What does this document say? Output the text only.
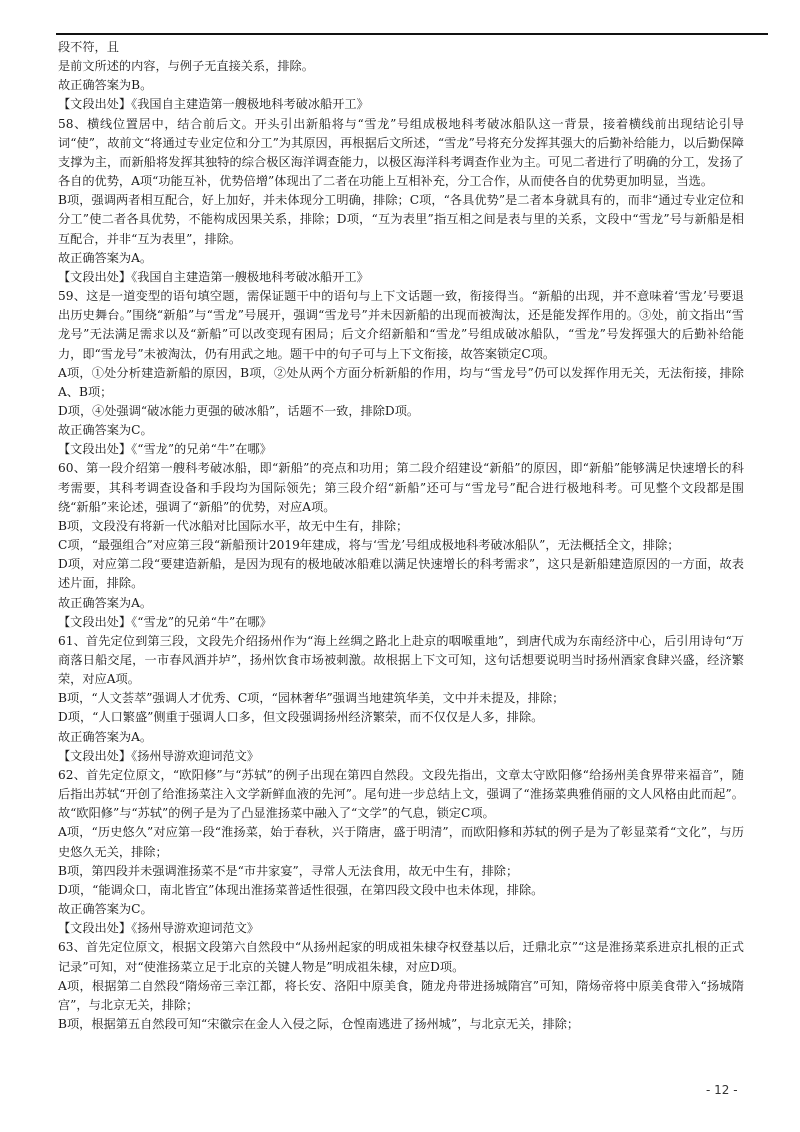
段不符，且

是前文所述的内容，与例子无直接关系，排除。

故正确答案为B。

【文段出处】《我国自主建造第一艘极地科考破冰船开工》

58、横线位置居中，结合前后文。开头引出新船将与“雪龙”号组成极地科考破冰船队这一背景，接着横线前出现结论引导词“使”，故前文“将通过专业定位和分工”为其原因，再根据后文所述，“雪龙”号将充分发挥其强大的后勤补给能力，以后勤保障支撑为主，而新船将发挥其独特的综合极区海洋调查能力，以极区海洋科考调查作业为主。可见二者进行了明确的分工，发扬了各自的优势，A项“功能互补，优势倍增”体现出了二者在功能上互相补充，分工合作，从而使各自的优势更加明显，当选。

B项，强调两者相互配合，好上加好，并未体现分工明确，排除；C项，“各具优势”是二者本身就具有的，而非“通过专业定位和分工”使二者各具优势，不能构成因果关系，排除；D项，“互为表里”指互相之间是表与里的关系，文段中“雪龙”号与新船是相互配合，并非“互为表里”，排除。

故正确答案为A。

【文段出处】《我国自主建造第一艘极地科考破冰船开工》

59、这是一道变型的语句填空题，需保证题干中的语句与上下文话题一致，衔接得当。“新船的出现，并不意味着‘雪龙’号要退出历史舞台。”围绕“新船”与“雪龙”号展开，强调“雪龙号”并未因新船的出现而被淘汰，还是能发挥作用的。③处，前文指出“雪龙号”无法满足需求以及“新船”可以改变现有困局；后文介绍新船和“雪龙”号组成破冰船队，“雪龙”号发挥强大的后勤补给能力，即“雪龙号”未被淘汰，仍有用武之地。题干中的句子可与上下文衔接，故答案锁定C项。

A项，①处分析建造新船的原因，B项，②处从两个方面分析新船的作用，均与“雪龙号”仍可以发挥作用无关，无法衔接，排除A、B项；

D项，④处强调“破冰能力更强的破冰船”，话题不一致，排除D项。

故正确答案为C。

【文段出处】《“雪龙”的兄弟“牛”在哪》

60、第一段介绍第一艘科考破冰船，即“新船”的亮点和功用；第二段介绍建设“新船”的原因，即“新船”能够满足快速增长的科考需要，其科考调查设备和手段均为国际领先；第三段介绍“新船”还可与“雪龙号”配合进行极地科考。可见整个文段都是围绕“新船”来论述，强调了“新船”的优势，对应A项。

B项，文段没有将新一代冰船对比国际水平，故无中生有，排除；

C项，“最强组合”对应第三段“新船预计2019年建成，将与‘雪龙’号组成极地科考破冰船队”，无法概括全文，排除；

D项，对应第二段“要建造新船，是因为现有的极地破冰船难以满足快速增长的科考需求”，这只是新船建造原因的一方面，故表述片面，排除。

故正确答案为A。

【文段出处】《“雪龙”的兄弟“牛”在哪》

61、首先定位到第三段，文段先介绍扬州作为“海上丝绸之路北上赴京的咽喉重地”，到唐代成为东南经济中心，后引用诗句“万商落日船交尾，一市春风酒并垆”，扬州饮食市场被刺激。故根据上下文可知，这句话想要说明当时扬州酒家食肆兴盛，经济繁荣，对应A项。

B项，“人文荟萃”强调人才优秀、C项，“园林奢华”强调当地建筑华美，文中并未提及，排除；

D项，“人口繁盛”侧重于强调人口多，但文段强调扬州经济繁荣，而不仅仅是人多，排除。

故正确答案为A。

【文段出处】《扬州导游欢迎词范文》

62、首先定位原文，“欧阳修”与“苏轼”的例子出现在第四自然段。文段先指出，文章太守欧阳修“给扬州美食界带来福音”，随后指出苏轼“开创了给淮扬菜注入文学新鲜血液的先河”。尾句进一步总结上文，强调了“淮扬菜典雅俏丽的文人风格由此而起”。故“欧阳修”与“苏轼”的例子是为了凸显淮扬菜中融入了“文学”的气息，锁定C项。

A项，“历史悠久”对应第一段“淮扬菜，始于春秋，兴于隋唐，盛于明清”，而欧阳修和苏轼的例子是为了彰显菜肴“文化”，与历史悠久无关，排除；

B项，第四段并未强调淮扬菜不是“市井家宴”，寻常人无法食用，故无中生有，排除；

D项，“能调众口，南北皆宜”体现出淮扬菜普适性很强，在第四段文段中也未体现，排除。

故正确答案为C。

【文段出处】《扬州导游欢迎词范文》

63、首先定位原文，根据文段第六自然段中“从扬州起家的明成祖朱棣夺权登基以后，迁鼎北京”“这是淮扬菜系进京扎根的正式记录”可知，对“使淮扬菜立足于北京的关键人物是”明成祖朱棣，对应D项。

A项，根据第二自然段“隋炀帝三幸江都，将长安、洛阳中原美食，随龙舟带进扬城隋宫”可知，隋炀帝将中原美食带入“扬城隋宫”，与北京无关，排除；

B项，根据第五自然段可知“宋徽宗在金人入侵之际，仓惶南逃进了扬州城”，与北京无关，排除；

- 12 -
